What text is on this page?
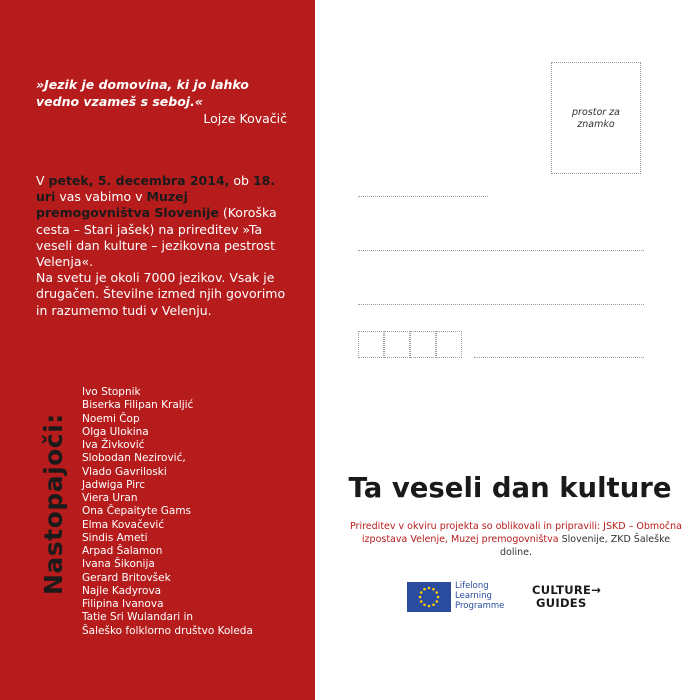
»Jezik je domovina, ki jo lahko
vedno vzameš s seboj.«
Lojze Kovačič
V petek, 5. decembra 2014, ob 18. uri vas vabimo v Muzej premogovništva Slovenije (Koroška cesta – Stari jašek) na prireditev »Ta veseli dan kulture – jezikovna pestrost Velenja«.
Na svetu je okoli 7000 jezikov. Vsak je drugačen. Številne izmed njih govorimo in razumemo tudi v Velenju.
Nastopajoči:
Ivo Stopnik
Biserka Filipan Kraljić
Noemi Čop
Olga Ulokina
Iva Živković
Slobodan Nezirović,
Vlado Gavriloski
Jadwiga Pirc
Viera Uran
Ona Čepaityte Gams
Elma Kovačević
Sindis Ameti
Arpad Šalamon
Ivana Šikonija
Gerard Britovšek
Najle Kadyrova
Filipina Ivanova
Tatie Sri Wulandari in
Šaleško folklorno društvo Koleda
prostor za
znamko
Ta veseli dan kulture
Prireditev v okviru projekta so oblikovali in pripravili: JSKD – Območna izpostava Velenje, Muzej premogovništva Slovenije, ZKD Šaleške doline.
Lifelong
Learning
Programme
CULTURE→
GUIDES
